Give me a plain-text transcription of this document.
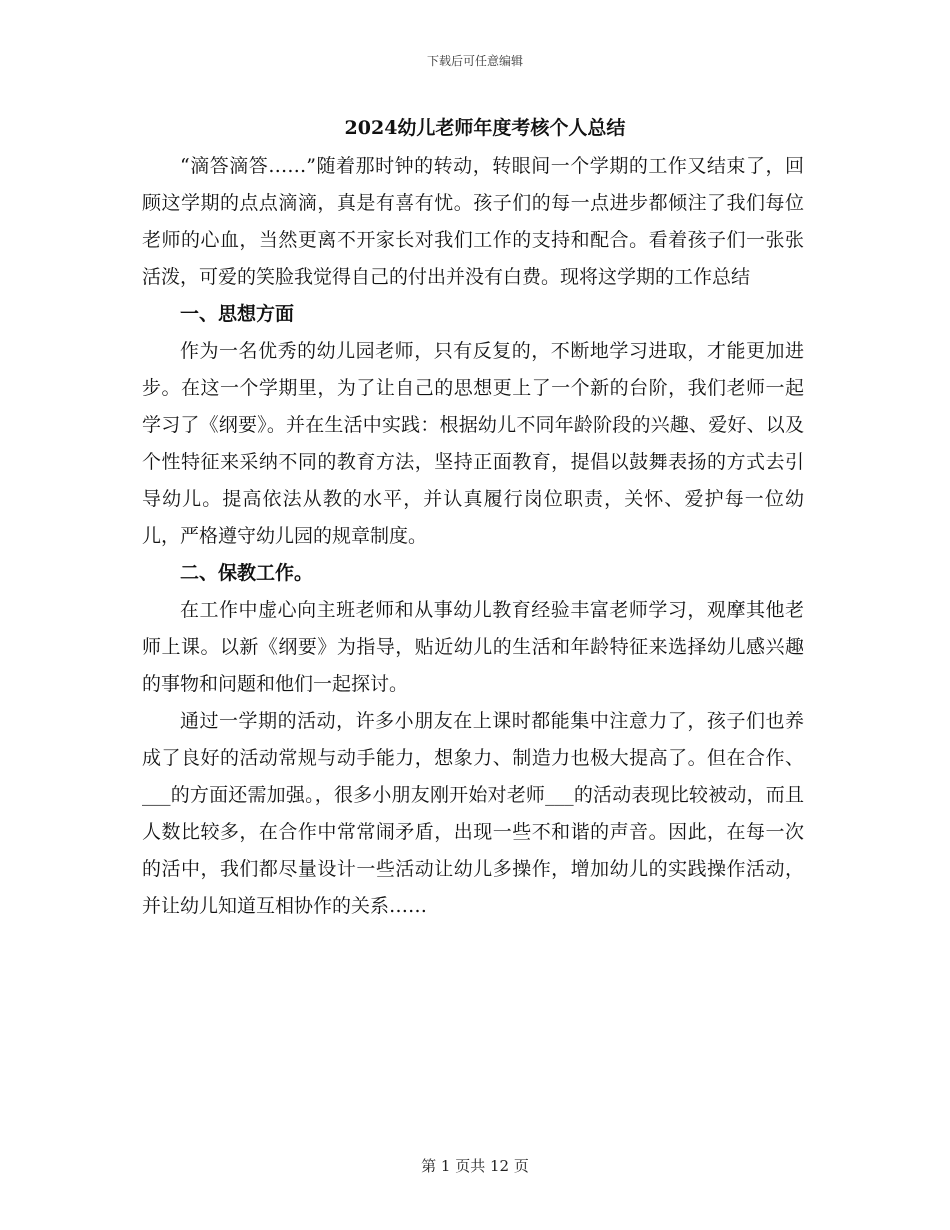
下载后可任意编辑
2024幼儿老师年度考核个人总结

“滴答滴答……”随着那时钟的转动，转眼间一个学期的工作又结束了，回顾这学期的点点滴滴，真是有喜有忧。孩子们的每一点进步都倾注了我们每位老师的心血，当然更离不开家长对我们工作的支持和配合。看着孩子们一张张活泼，可爱的笑脸我觉得自己的付出并没有白费。现将这学期的工作总结

一、思想方面

作为一名优秀的幼儿园老师，只有反复的，不断地学习进取，才能更加进步。在这一个学期里，为了让自己的思想更上了一个新的台阶，我们老师一起学习了《纲要》。并在生活中实践：根据幼儿不同年龄阶段的兴趣、爱好、以及个性特征来采纳不同的教育方法，坚持正面教育，提倡以鼓舞表扬的方式去引导幼儿。提高依法从教的水平，并认真履行岗位职责，关怀、爱护每一位幼儿，严格遵守幼儿园的规章制度。

二、保教工作。

在工作中虚心向主班老师和从事幼儿教育经验丰富老师学习，观摩其他老师上课。以新《纲要》为指导，贴近幼儿的生活和年龄特征来选择幼儿感兴趣的事物和问题和他们一起探讨。

通过一学期的活动，许多小朋友在上课时都能集中注意力了，孩子们也养成了良好的活动常规与动手能力，想象力、制造力也极大提高了。但在合作、___的方面还需加强。，很多小朋友刚开始对老师___的活动表现比较被动，而且人数比较多，在合作中常常闹矛盾，出现一些不和谐的声音。因此，在每一次的活中，我们都尽量设计一些活动让幼儿多操作，增加幼儿的实践操作活动，并让幼儿知道互相协作的关系……

第 1 页共 12 页
